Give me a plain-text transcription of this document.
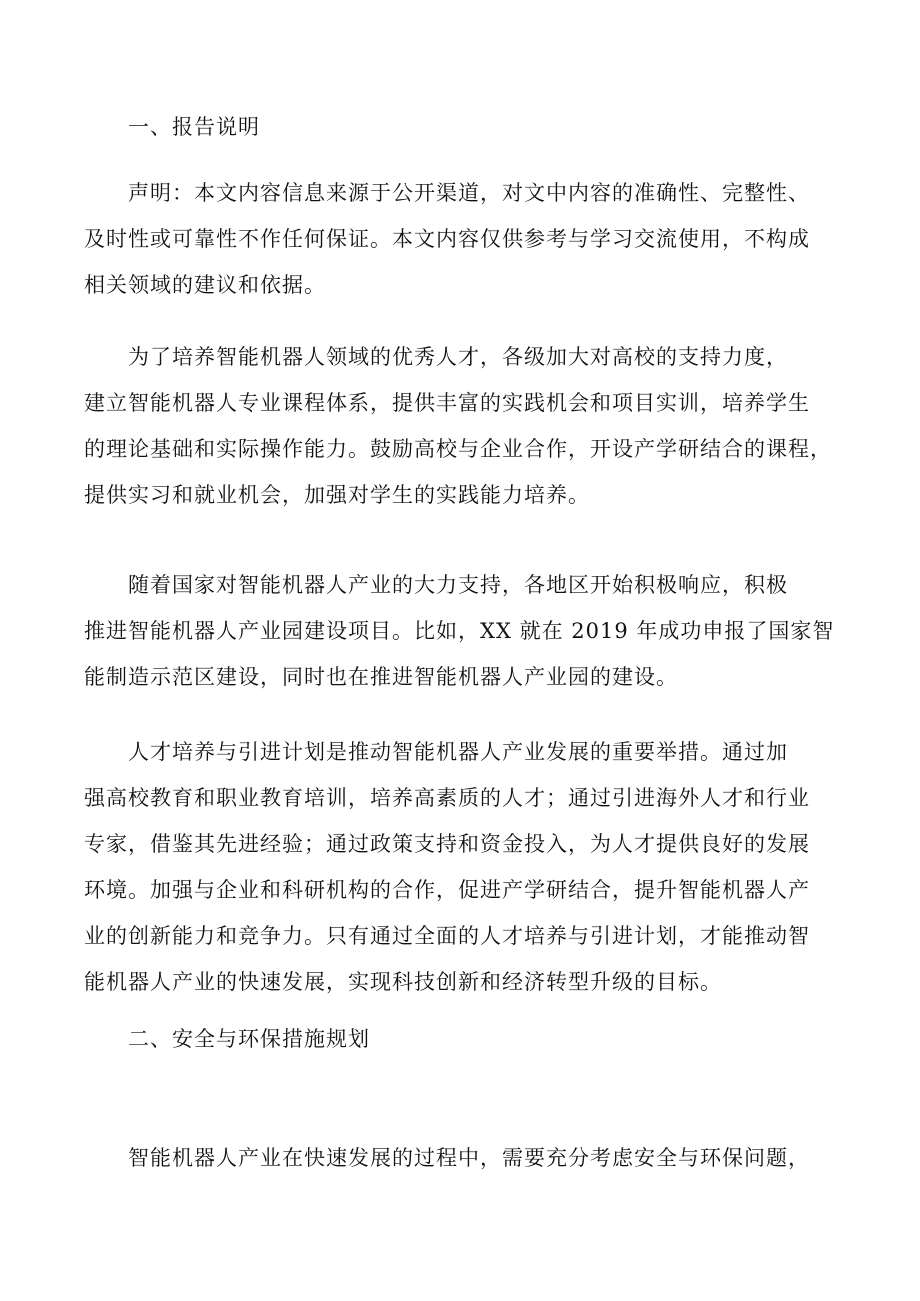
一、报告说明
声明：本文内容信息来源于公开渠道，对文中内容的准确性、完整性、
及时性或可靠性不作任何保证。本文内容仅供参考与学习交流使用，不构成
相关领域的建议和依据。
为了培养智能机器人领域的优秀人才，各级加大对高校的支持力度，
建立智能机器人专业课程体系，提供丰富的实践机会和项目实训，培养学生
的理论基础和实际操作能力。鼓励高校与企业合作，开设产学研结合的课程，
提供实习和就业机会，加强对学生的实践能力培养。
随着国家对智能机器人产业的大力支持，各地区开始积极响应，积极
推进智能机器人产业园建设项目。比如，XX 就在 2019 年成功申报了国家智
能制造示范区建设，同时也在推进智能机器人产业园的建设。
人才培养与引进计划是推动智能机器人产业发展的重要举措。通过加
强高校教育和职业教育培训，培养高素质的人才；通过引进海外人才和行业
专家，借鉴其先进经验；通过政策支持和资金投入，为人才提供良好的发展
环境。加强与企业和科研机构的合作，促进产学研结合，提升智能机器人产
业的创新能力和竞争力。只有通过全面的人才培养与引进计划，才能推动智
能机器人产业的快速发展，实现科技创新和经济转型升级的目标。
二、安全与环保措施规划
智能机器人产业在快速发展的过程中，需要充分考虑安全与环保问题，
